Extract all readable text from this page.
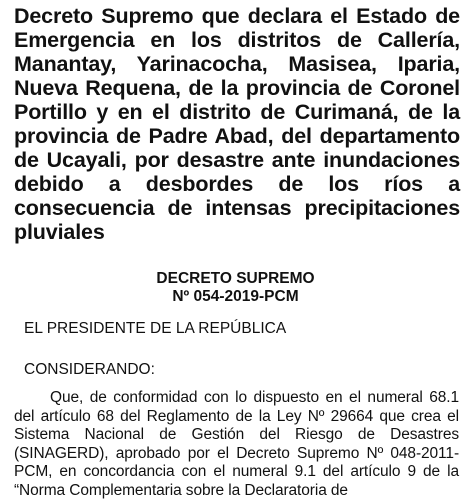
Decreto Supremo que declara el Estado de Emergencia en los distritos de Callería, Manantay, Yarinacocha, Masisea, Iparia, Nueva Requena, de la provincia de Coronel Portillo y en el distrito de Curimaná, de la provincia de Padre Abad, del departamento de Ucayali, por desastre ante inundaciones debido a desbordes de los ríos a consecuencia de intensas precipitaciones pluviales
DECRETO SUPREMO
Nº 054-2019-PCM

EL PRESIDENTE DE LA REPÚBLICA

CONSIDERANDO:

Que, de conformidad con lo dispuesto en el numeral 68.1 del artículo 68 del Reglamento de la Ley Nº 29664 que crea el Sistema Nacional de Gestión del Riesgo de Desastres (SINAGERD), aprobado por el Decreto Supremo Nº 048-2011-PCM, en concordancia con el numeral 9.1 del artículo 9 de la “Norma Complementaria sobre la Declaratoria de
